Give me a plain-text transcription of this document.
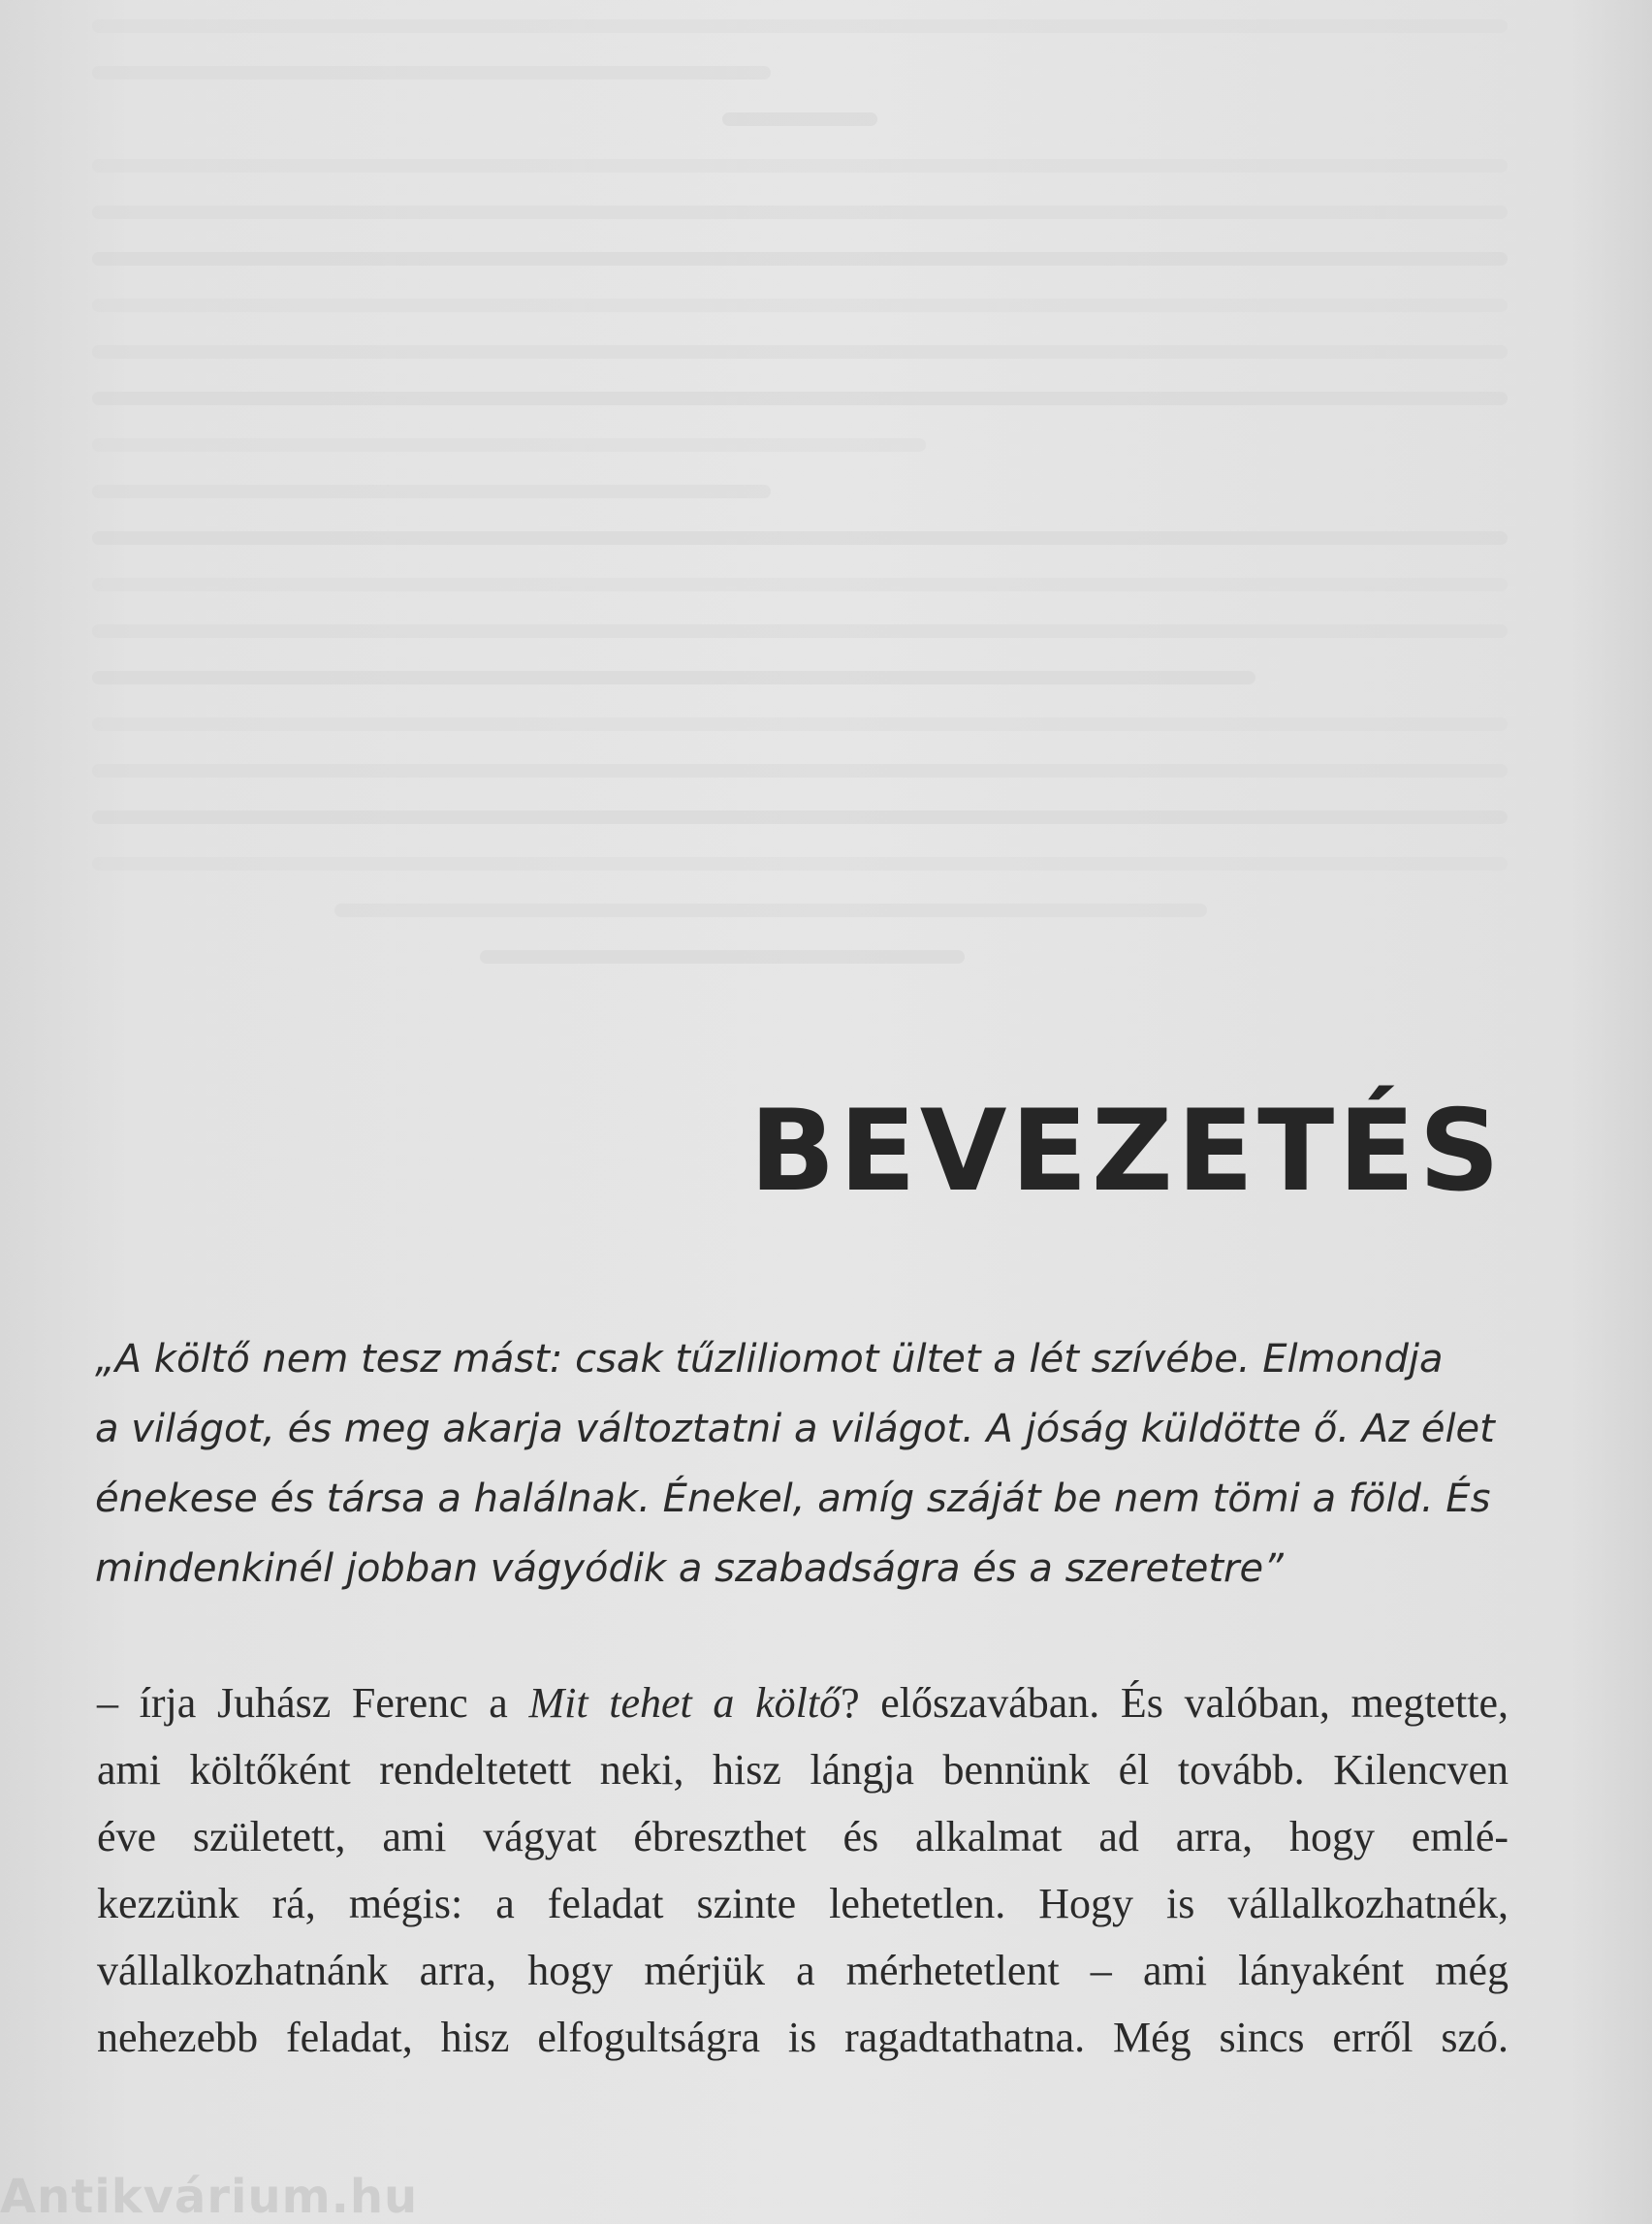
BEVEZETÉS
„A költő nem tesz mást: csak tűzliliomot ültet a lét szívébe. Elmondja
a világot, és meg akarja változtatni a világot. A jóság küldötte ő. Az élet
énekese és társa a halálnak. Énekel, amíg száját be nem tömi a föld. És
mindenkinél jobban vágyódik a szabadságra és a szeretetre”
– írja Juhász Ferenc a Mit tehet a költő? előszavában. És valóban, megtette,
ami költőként rendeltetett neki, hisz lángja bennünk él tovább. Kilencven
éve született, ami vágyat ébreszthet és alkalmat ad arra, hogy emlé-
kezzünk rá, mégis: a feladat szinte lehetetlen. Hogy is vállalkozhatnék,
vállalkozhatnánk arra, hogy mérjük a mérhetetlent – ami lányaként még
nehezebb feladat, hisz elfogultságra is ragadtathatna. Még sincs erről szó.
Antikvárium.hu
